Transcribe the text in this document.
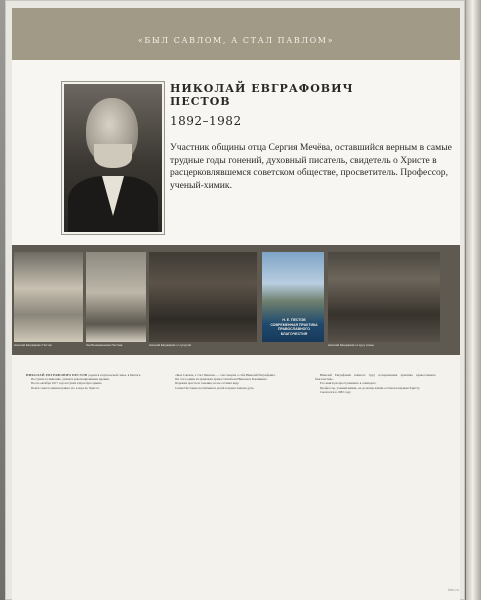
«БЫЛ САВЛОМ, А СТАЛ ПАВЛОМ»
НИКОЛАЙ ЕВГРАФОВИЧ
ПЕСТОВ
1892–1982
Участник общины отца Сергия Мечёва, оставшийся верным в самые трудные годы гонений, духовный писатель, свидетель о Христе в расцерковлявшемся советском обществе, просветитель. Профессор, ученый-химик.
Н. Е. ПЕСТОВ
СОВРЕМЕННАЯ ПРАКТИКА ПРАВОСЛАВНОГО БЛАГОЧЕСТИЯ
Николай Евграфович Пестов	Зоя Вениаминовна Пестова	Николай Евграфович с супругой	Николай Евграфович в кругу семьи

НИКОЛАЙ ЕВГРАФОВИЧ ПЕСТОВ родился в купеческой семье, в Мологе.

Поступил в гимназию, увлекся революционными идеями.

После октября 1917 года вступил в Красную армию.

Поиск смысла жизни привел его к вере во Христа.

«Был Савлом, а стал Павлом» — так говорил о себе Николай Евграфович.

Он стал одним из прихожан храма Святителя Николая в Кленниках.

Пережил аресты и гонения, но не оставил веру.

Семья Пестовых воспитывала детей в православном духе.

Николай Евграфович написал труд «Современная практика православного благочестия».

Его книги распространялись в самиздате.

Профессор, ученый-химик, он до конца жизни оставался верным Христу.

Скончался в 1982 году.

foto.ru
